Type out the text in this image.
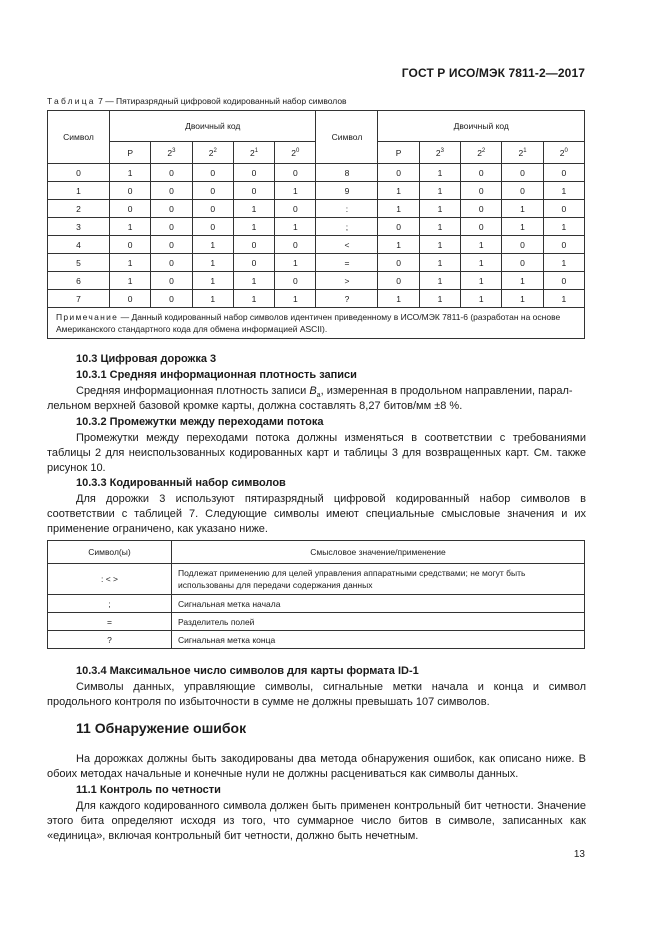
ГОСТ Р ИСО/МЭК 7811-2—2017
Таблица 7 — Пятиразрядный цифровой кодированный набор символов
Символ	Двоичный код					Символ	Двоичный код				
	P	$2^3$	$2^2$	$2^1$	$2^0$		P	$2^3$	$2^2$	$2^1$	$2^0$
0	1	0	0	0	0	8	0	1	0	0	0
1	0	0	0	0	1	9	1	1	0	0	1
2	0	0	0	1	0	:	1	1	0	1	0
3	1	0	0	1	1	;	0	1	0	1	1
4	0	0	1	0	0	<	1	1	1	0	0
5	1	0	1	0	1	=	0	1	1	0	1
6	1	0	1	1	0	>	0	1	1	1	0
7	0	0	1	1	1	?	1	1	1	1	1
Примечание — Данный кодированный набор символов идентичен приведенному в ИСО/МЭК 7811-6 (разработан на основе Американского стандартного кода для обмена информацией ASCII).											
10.3 Цифровая дорожка 3
10.3.1 Средняя информационная плотность записи
Средняя информационная плотность записи $B_a$, измеренная в продольном направлении, парал-
лельном верхней базовой кромке карты, должна составлять 8,27 битов/мм ±8 %.
10.3.2 Промежутки между переходами потока
Промежутки между переходами потока должны изменяться в соответствии с требованиями таблицы 2 для неиспользованных кодированных карт и таблицы 3 для возвращенных карт. См. также рисунок 10.
10.3.3 Кодированный набор символов
Для дорожки 3 используют пятиразрядный цифровой кодированный набор символов в соответствии с таблицей 7. Следующие символы имеют специальные смысловые значения и их применение ограничено, как указано ниже.
Символ(ы)	Смысловое значение/применение
: < >	Подлежат применению для целей управления аппаратными средствами; не могут быть использованы для передачи содержания данных
;	Сигнальная метка начала
=	Разделитель полей
?	Сигнальная метка конца
10.3.4 Максимальное число символов для карты формата ID-1
Символы данных, управляющие символы, сигнальные метки начала и конца и символ продольного контроля по избыточности в сумме не должны превышать 107 символов.
11 Обнаружение ошибок
На дорожках должны быть закодированы два метода обнаружения ошибок, как описано ниже. В обоих методах начальные и конечные нули не должны расцениваться как символы данных.
11.1 Контроль по четности
Для каждого кодированного символа должен быть применен контрольный бит четности. Значение этого бита определяют исходя из того, что суммарное число битов в символе, записанных как «единица», включая контрольный бит четности, должно быть нечетным.
13
